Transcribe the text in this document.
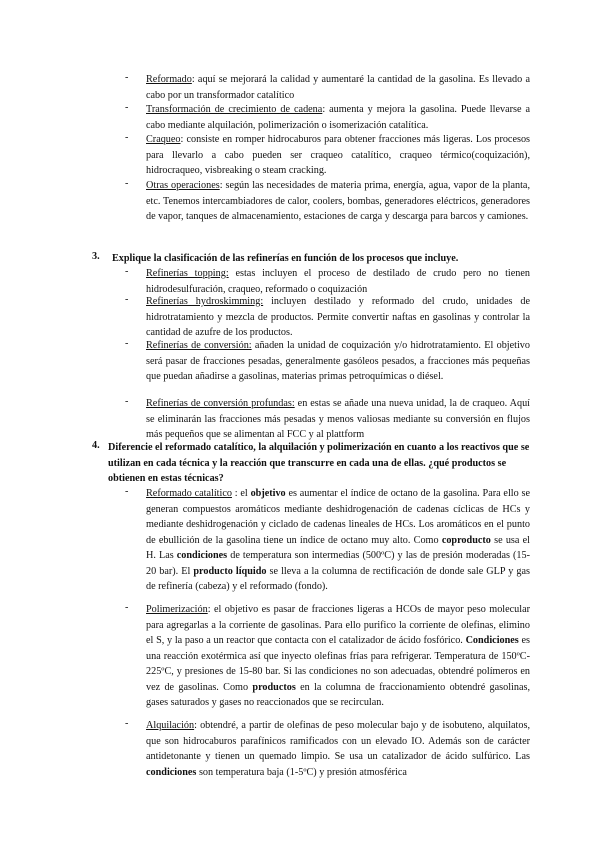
- Reformado: aquí se mejorará la calidad y aumentaré la cantidad de la gasolina. Es llevado a cabo por un transformador catalítico
- Transformación de crecimiento de cadena: aumenta y mejora la gasolina. Puede llevarse a cabo mediante alquilación, polimerización o isomerización catalítica.
- Craqueo: consiste en romper hidrocaburos para obtener fracciones más ligeras. Los procesos para llevarlo a cabo pueden ser craqueo catalítico, craqueo térmico(coquización), hidrocraqueo, visbreaking o steam cracking.
- Otras operaciones: según las necesidades de materia prima, energía, agua, vapor de la planta, etc. Tenemos intercambiadores de calor, coolers, bombas, generadores eléctricos, generadores de vapor, tanques de almacenamiento, estaciones de carga y descarga para barcos y camiones.
3. Explique la clasificación de las refinerías en función de los procesos que incluye.
- Refinerías topping: estas incluyen el proceso de destilado de crudo pero no tienen hidrodesulfuración, craqueo, reformado o coquización
- Refinerías hydroskimming: incluyen destilado y reformado del crudo, unidades de hidrotratamiento y mezcla de productos. Permite convertir naftas en gasolinas y controlar la cantidad de azufre de los productos.
- Refinerías de conversión: añaden la unidad de coquización y/o hidrotratamiento. El objetivo será pasar de fracciones pesadas, generalmente gasóleos pesados, a fracciones más pequeñas que puedan añadirse a gasolinas, materias primas petroquímicas o diésel.
- Refinerías de conversión profundas: en estas se añade una nueva unidad, la de craqueo. Aquí se eliminarán las fracciones más pesadas y menos valiosas mediante su conversión en flujos más pequeños que se alimentan al FCC y al plattform
4. Diferencie el reformado catalítico, la alquilación y polimerización en cuanto a los reactivos que se utilizan en cada técnica y la reacción que transcurre en cada una de ellas. ¿qué productos se obtienen en estas técnicas?
- Reformado catalítico : el objetivo es aumentar el índice de octano de la gasolina. Para ello se generan compuestos aromáticos mediante deshidrogenación de cadenas cíclicas de HCs y mediante deshidrogenación y ciclado de cadenas lineales de HCs. Los aromáticos en el punto de ebullición de la gasolina tiene un índice de octano muy alto. Como coproducto se usa el H. Las condiciones de temperatura son intermedias (500ºC) y las de presión moderadas (15-20 bar). El producto líquido se lleva a la columna de rectificación de donde sale GLP y gas de refinería (cabeza) y el reformado (fondo).
- Polimerización: el objetivo es pasar de fracciones ligeras a HCOs de mayor peso molecular para agregarlas a la corriente de gasolinas. Para ello purifico la corriente de olefinas, elimino el S, y la paso a un reactor que contacta con el catalizador de ácido fosfórico. Condiciones es una reacción exotérmica así que inyecto olefinas frías para refrigerar. Temperatura de 150ºC-225ºC, y presiones de 15-80 bar. Si las condiciones no son adecuadas, obtendré polímeros en vez de gasolinas. Como productos en la columna de fraccionamiento obtendré gasolinas, gases saturados y gases no reaccionados que se recirculan.
- Alquilación: obtendré, a partir de olefinas de peso molecular bajo y de isobuteno, alquilatos, que son hidrocaburos parafínicos ramificados con un elevado IO. Además son de carácter antidetonante y tienen un quemado limpio. Se usa un catalizador de ácido sulfúrico. Las condiciones son temperatura baja (1-5ºC) y presión atmosférica
